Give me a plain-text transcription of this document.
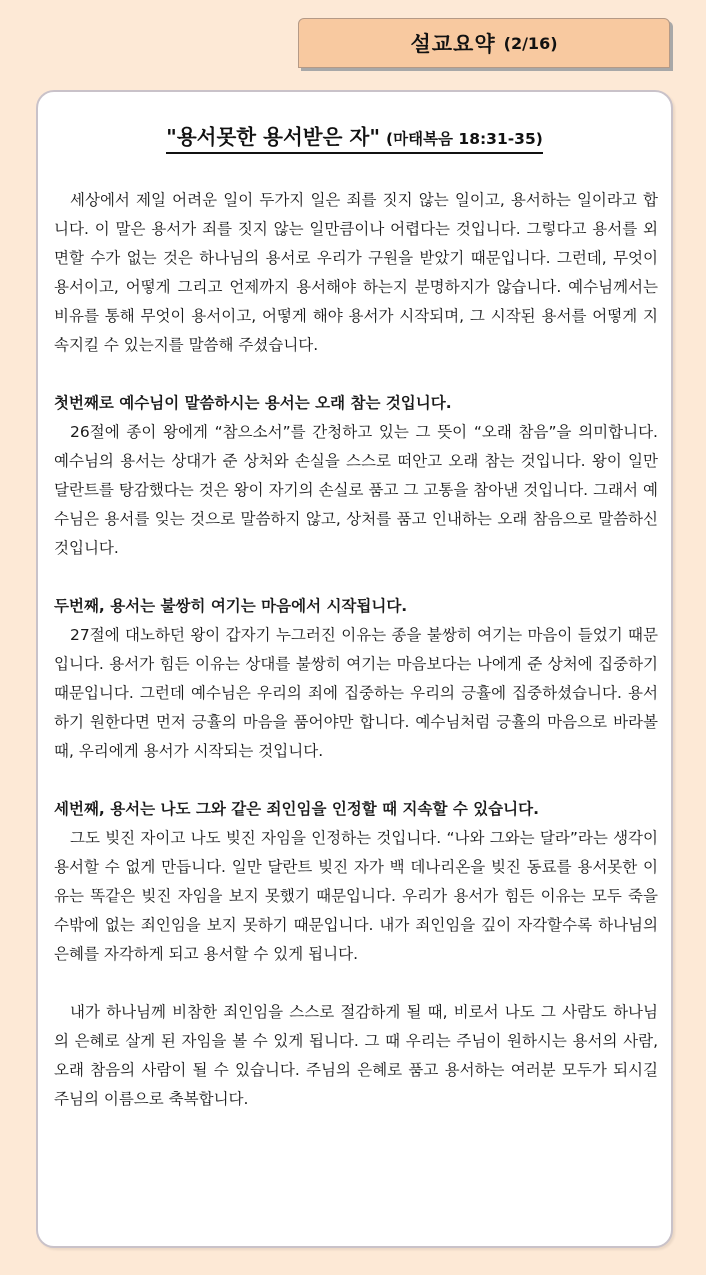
설교요약 (2/16)
"용서못한 용서받은 자" (마태복음 18:31-35)

세상에서 제일 어려운 일이 두가지 일은 죄를 짓지 않는 일이고, 용서하는 일이라고 합니다. 이 말은 용서가 죄를 짓지 않는 일만큼이나 어렵다는 것입니다. 그렇다고 용서를 외면할 수가 없는 것은 하나님의 용서로 우리가 구원을 받았기 때문입니다. 그런데, 무엇이 용서이고, 어떻게 그리고 언제까지 용서해야 하는지 분명하지가 않습니다. 예수님께서는 비유를 통해 무엇이 용서이고, 어떻게 해야 용서가 시작되며, 그 시작된 용서를 어떻게 지속지킬 수 있는지를 말씀해 주셨습니다.

첫번째로 예수님이 말씀하시는 용서는 오래 참는 것입니다.

26절에 종이 왕에게 “참으소서”를 간청하고 있는 그 뜻이 “오래 참음”을 의미합니다. 예수님의 용서는 상대가 준 상처와 손실을 스스로 떠안고 오래 참는 것입니다. 왕이 일만 달란트를 탕감했다는 것은 왕이 자기의 손실로 품고 그 고통을 참아낸 것입니다. 그래서 예수님은 용서를 잊는 것으로 말씀하지 않고, 상처를 품고 인내하는 오래 참음으로 말씀하신 것입니다.

두번째, 용서는 불쌍히 여기는 마음에서 시작됩니다.

27절에 대노하던 왕이 갑자기 누그러진 이유는 종을 불쌍히 여기는 마음이 들었기 때문입니다. 용서가 힘든 이유는 상대를 불쌍히 여기는 마음보다는 나에게 준 상처에 집중하기 때문입니다. 그런데 예수님은 우리의 죄에 집중하는 우리의 긍휼에 집중하셨습니다. 용서하기 원한다면 먼저 긍휼의 마음을 품어야만 합니다. 예수님처럼 긍휼의 마음으로 바라볼 때, 우리에게 용서가 시작되는 것입니다.

세번째, 용서는 나도 그와 같은 죄인임을 인정할 때 지속할 수 있습니다.

그도 빚진 자이고 나도 빚진 자임을 인정하는 것입니다. “나와 그와는 달라”라는 생각이 용서할 수 없게 만듭니다. 일만 달란트 빚진 자가 백 데나리온을 빚진 동료를 용서못한 이유는 똑같은 빚진 자임을 보지 못했기 때문입니다. 우리가 용서가 힘든 이유는 모두 죽을 수밖에 없는 죄인임을 보지 못하기 때문입니다. 내가 죄인임을 깊이 자각할수록 하나님의 은혜를 자각하게 되고 용서할 수 있게 됩니다.

내가 하나님께 비참한 죄인임을 스스로 절감하게 될 때, 비로서 나도 그 사람도 하나님의 은혜로 살게 된 자임을 볼 수 있게 됩니다. 그 때 우리는 주님이 원하시는 용서의 사람, 오래 참음의 사람이 될 수 있습니다. 주님의 은혜로 품고 용서하는 여러분 모두가 되시길 주님의 이름으로 축복합니다.
